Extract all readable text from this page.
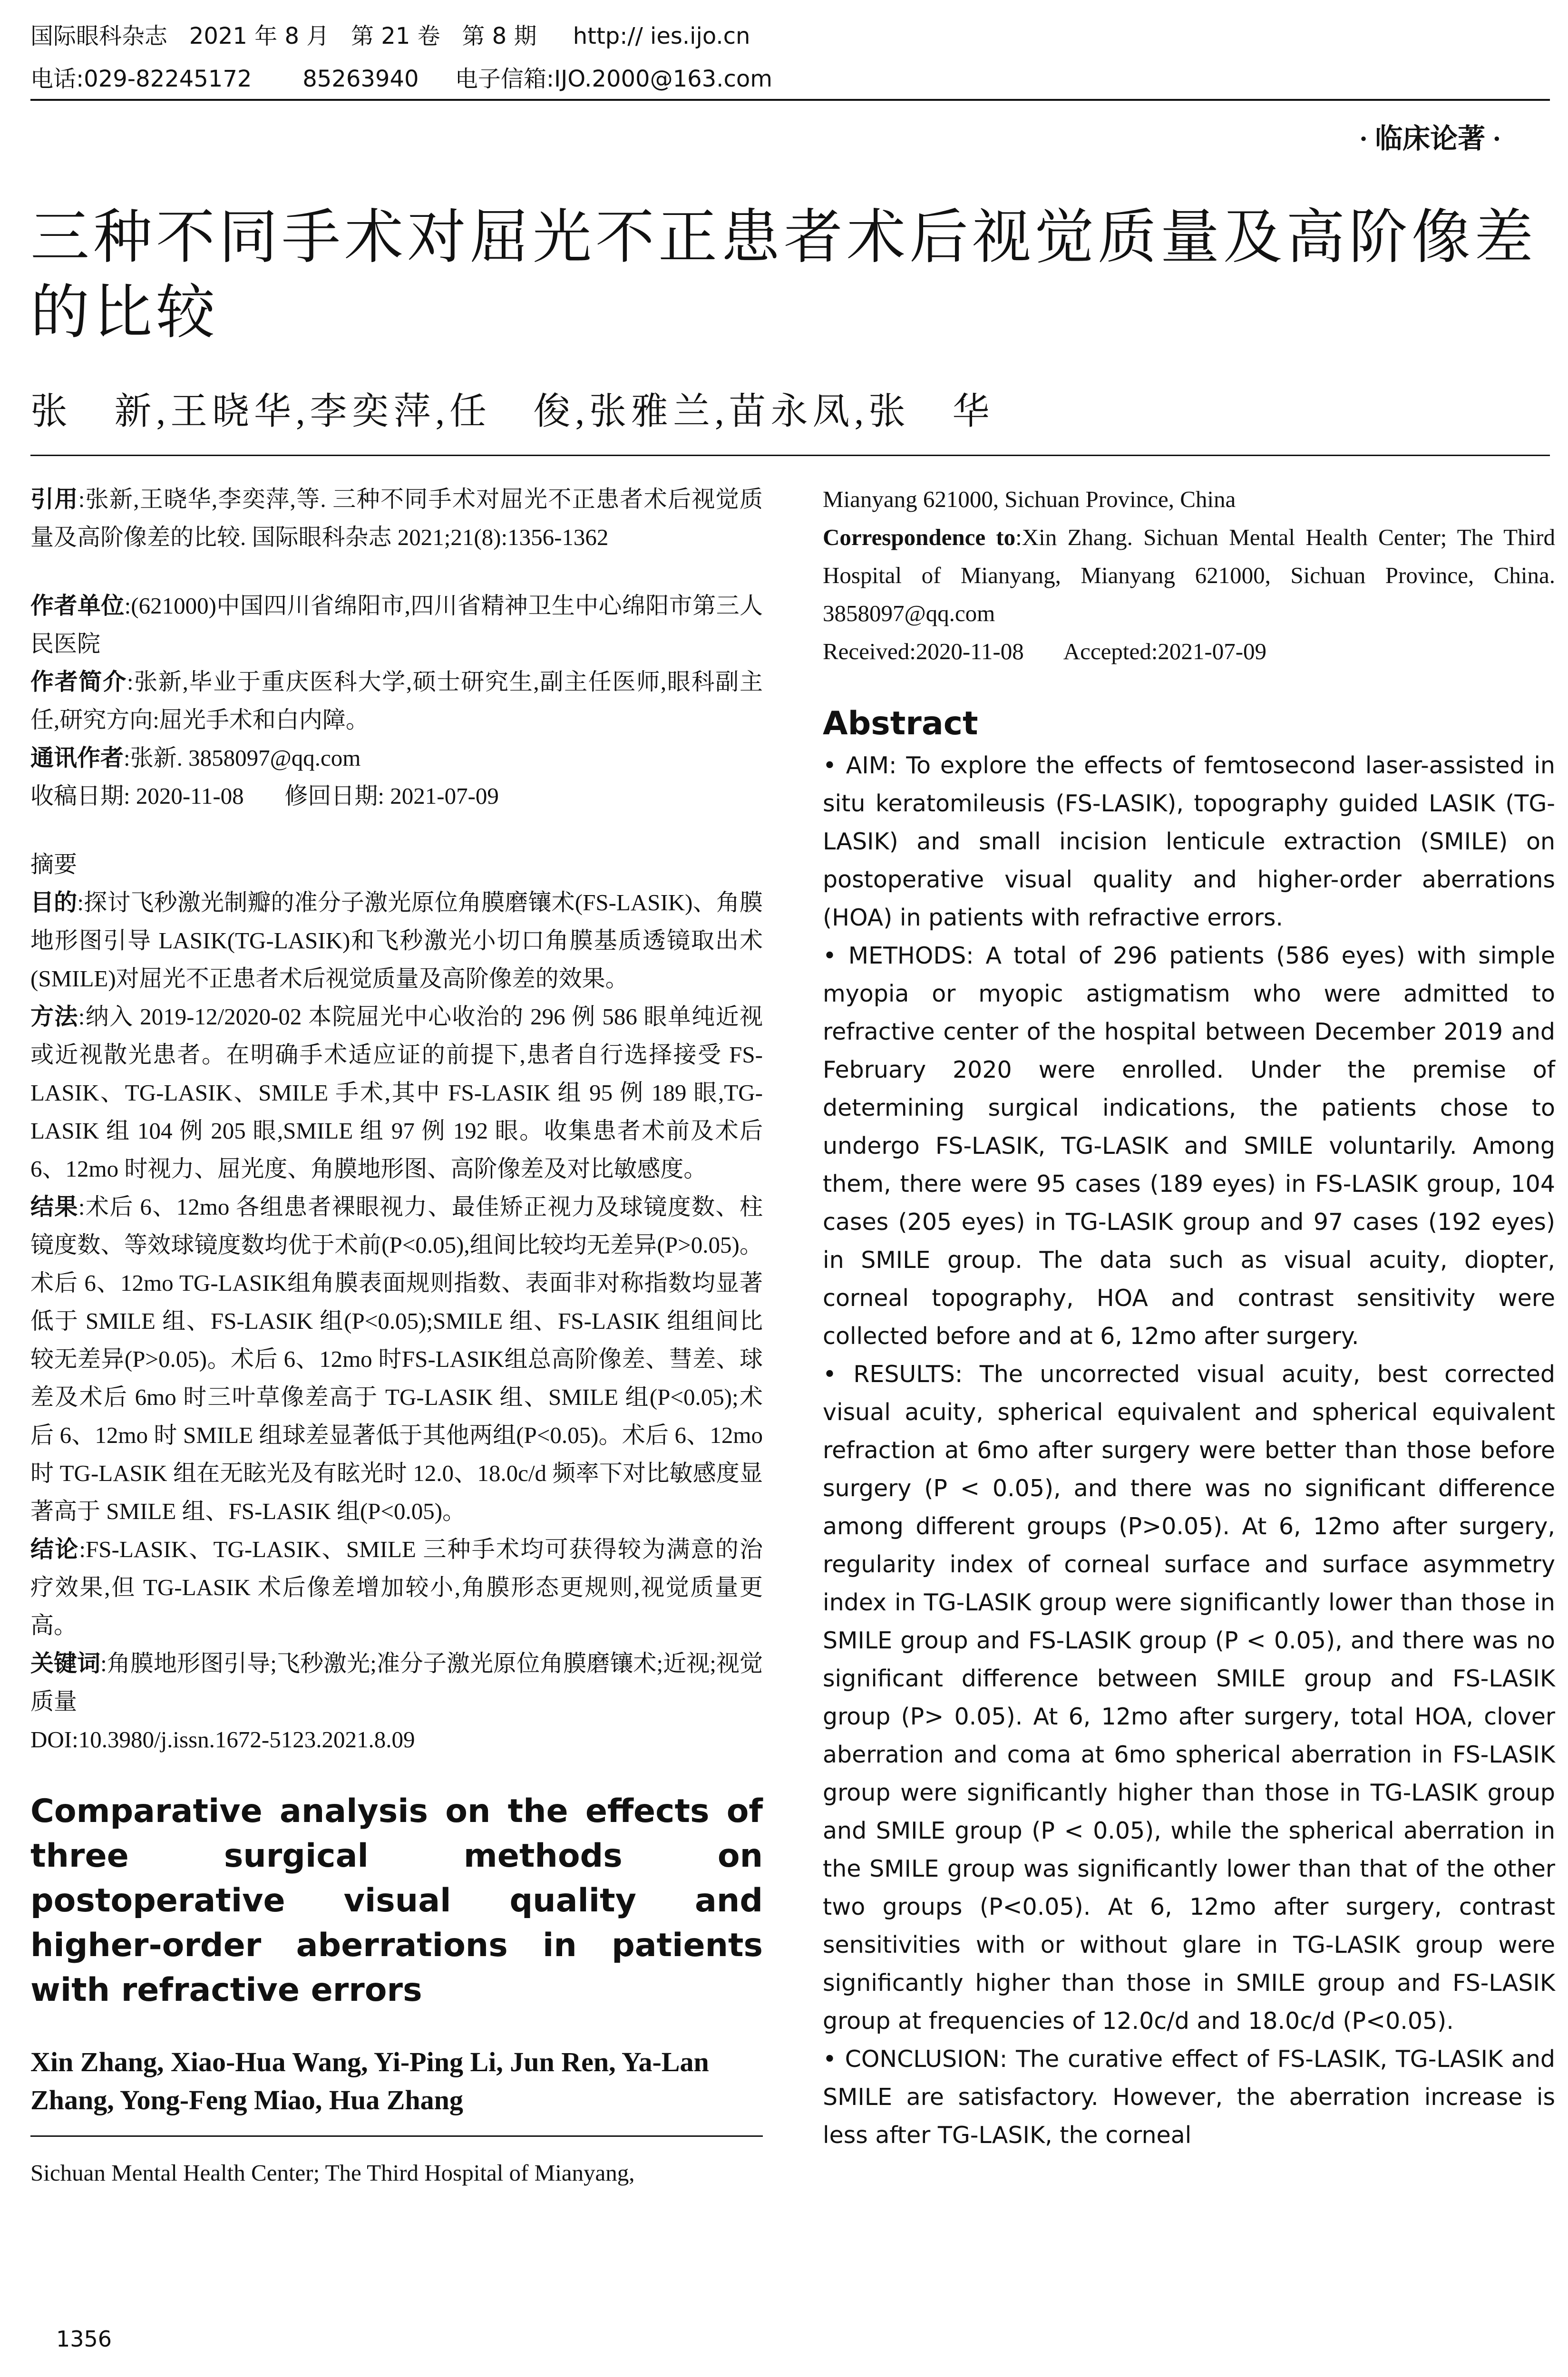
国际眼科杂志   2021 年 8 月   第 21 卷   第 8 期     http:// ies.ijo.cn
电话:029-82245172       85263940     电子信箱:IJO.2000@163.com
· 临床论著 ·
三种不同手术对屈光不正患者术后视觉质量及高阶像差的比较
张   新,王晓华,李奕萍,任   俊,张雅兰,苗永凤,张   华

引用:张新,王晓华,李奕萍,等. 三种不同手术对屈光不正患者术后视觉质量及高阶像差的比较. 国际眼科杂志 2021;21(8):1356-1362

作者单位:(621000)中国四川省绵阳市,四川省精神卫生中心绵阳市第三人民医院

作者简介:张新,毕业于重庆医科大学,硕士研究生,副主任医师,眼科副主任,研究方向:屈光手术和白内障。

通讯作者:张新. 3858097@qq.com

收稿日期: 2020-11-08       修回日期: 2021-07-09

摘要

目的:探讨飞秒激光制瓣的准分子激光原位角膜磨镶术(FS-LASIK)、角膜地形图引导 LASIK(TG-LASIK)和飞秒激光小切口角膜基质透镜取出术(SMILE)对屈光不正患者术后视觉质量及高阶像差的效果。

方法:纳入 2019-12/2020-02 本院屈光中心收治的 296 例 586 眼单纯近视或近视散光患者。在明确手术适应证的前提下,患者自行选择接受 FS-LASIK、TG-LASIK、SMILE 手术,其中 FS-LASIK 组 95 例 189 眼,TG-LASIK 组 104 例 205 眼,SMILE 组 97 例 192 眼。收集患者术前及术后 6、12mo 时视力、屈光度、角膜地形图、高阶像差及对比敏感度。

结果:术后 6、12mo 各组患者裸眼视力、最佳矫正视力及球镜度数、柱镜度数、等效球镜度数均优于术前(P<0.05),组间比较均无差异(P>0.05)。术后 6、12mo TG-LASIK组角膜表面规则指数、表面非对称指数均显著低于 SMILE 组、FS-LASIK 组(P<0.05);SMILE 组、FS-LASIK 组组间比较无差异(P>0.05)。术后 6、12mo 时FS-LASIK组总高阶像差、彗差、球差及术后 6mo 时三叶草像差高于 TG-LASIK 组、SMILE 组(P<0.05);术后 6、12mo 时 SMILE 组球差显著低于其他两组(P<0.05)。术后 6、12mo 时 TG-LASIK 组在无眩光及有眩光时 12.0、18.0c/d 频率下对比敏感度显著高于 SMILE 组、FS-LASIK 组(P<0.05)。

结论:FS-LASIK、TG-LASIK、SMILE 三种手术均可获得较为满意的治疗效果,但 TG-LASIK 术后像差增加较小,角膜形态更规则,视觉质量更高。

关键词:角膜地形图引导;飞秒激光;准分子激光原位角膜磨镶术;近视;视觉质量

DOI:10.3980/j.issn.1672-5123.2021.8.09

Comparative analysis on the effects of three surgical methods on postoperative visual quality and higher-order aberrations in patients with refractive errors

Xin Zhang, Xiao-Hua Wang, Yi-Ping Li, Jun Ren, Ya-Lan Zhang, Yong-Feng Miao, Hua Zhang

Sichuan Mental Health Center; The Third Hospital of Mianyang,

Mianyang 621000, Sichuan Province, China

Correspondence to:Xin Zhang. Sichuan Mental Health Center; The Third Hospital of Mianyang, Mianyang 621000, Sichuan Province, China. 3858097@qq.com

Received:2020-11-08       Accepted:2021-07-09

Abstract

• AIM: To explore the effects of femtosecond laser-assisted in situ keratomileusis (FS-LASIK), topography guided LASIK (TG-LASIK) and small incision lenticule extraction (SMILE) on postoperative visual quality and higher-order aberrations (HOA) in patients with refractive errors.

• METHODS: A total of 296 patients (586 eyes) with simple myopia or myopic astigmatism who were admitted to refractive center of the hospital between December 2019 and February 2020 were enrolled. Under the premise of determining surgical indications, the patients chose to undergo FS-LASIK, TG-LASIK and SMILE voluntarily. Among them, there were 95 cases (189 eyes) in FS-LASIK group, 104 cases (205 eyes) in TG-LASIK group and 97 cases (192 eyes) in SMILE group. The data such as visual acuity, diopter, corneal topography, HOA and contrast sensitivity were collected before and at 6, 12mo after surgery.

• RESULTS: The uncorrected visual acuity, best corrected visual acuity, spherical equivalent and spherical equivalent refraction at 6mo after surgery were better than those before surgery (P < 0.05), and there was no significant difference among different groups (P>0.05). At 6, 12mo after surgery, regularity index of corneal surface and surface asymmetry index in TG-LASIK group were significantly lower than those in SMILE group and FS-LASIK group (P < 0.05), and there was no significant difference between SMILE group and FS-LASIK group (P> 0.05). At 6, 12mo after surgery, total HOA, clover aberration and coma at 6mo spherical aberration in FS-LASIK group were significantly higher than those in TG-LASIK group and SMILE group (P < 0.05), while the spherical aberration in the SMILE group was significantly lower than that of the other two groups (P<0.05). At 6, 12mo after surgery, contrast sensitivities with or without glare in TG-LASIK group were significantly higher than those in SMILE group and FS-LASIK group at frequencies of 12.0c/d and 18.0c/d (P<0.05).

• CONCLUSION: The curative effect of FS-LASIK, TG-LASIK and SMILE are satisfactory. However, the aberration increase is less after TG-LASIK, the corneal

1356
